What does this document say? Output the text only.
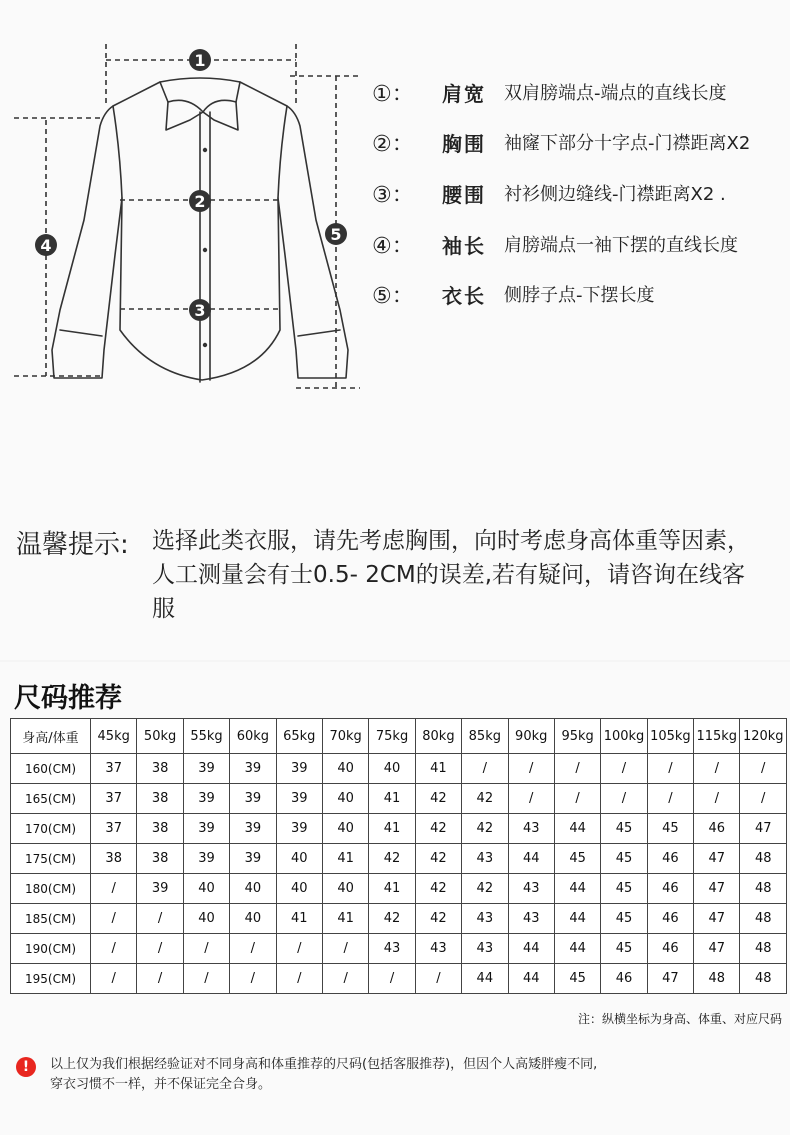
1
2
3
4
5
①：	肩宽	双肩膀端点-端点的直线长度
②：	胸围	袖窿下部分十字点-门襟距离X2
③：	腰围	衬衫侧边缝线-门襟距离X2 .
④：	袖长	肩膀端点一袖下摆的直线长度
⑤：	衣长	侧脖子点-下摆长度
温馨提示: 选择此类衣服，请先考虑胸围，向时考虑身高体重等因素，人工测量会有士0.5- 2CM的误差,若有疑问，请咨询在线客服
尺码推荐
身高/体重	45kg	50kg	55kg	60kg	65kg	70kg	75kg	80kg	85kg	90kg	95kg	100kg	105kg	115kg	120kg
160(CM)	37	38	39	39	39	40	40	41	/	/	/	/	/	/	/
165(CM)	37	38	39	39	39	40	41	42	42	/	/	/	/	/	/
170(CM)	37	38	39	39	39	40	41	42	42	43	44	45	45	46	47
175(CM)	38	38	39	39	40	41	42	42	43	44	45	45	46	47	48
180(CM)	/	39	40	40	40	40	41	42	42	43	44	45	46	47	48
185(CM)	/	/	40	40	41	41	42	42	43	43	44	45	46	47	48
190(CM)	/	/	/	/	/	/	43	43	43	44	44	45	46	47	48
195(CM)	/	/	/	/	/	/	/	/	44	44	45	46	47	48	48
注：纵横坐标为身高、体重、对应尺码
!	以上仅为我们根据经验证对不同身高和体重推荐的尺码(包括客服推荐)，但因个人高矮胖瘦不同,
穿衣习惯不一样，并不保证完全合身。
